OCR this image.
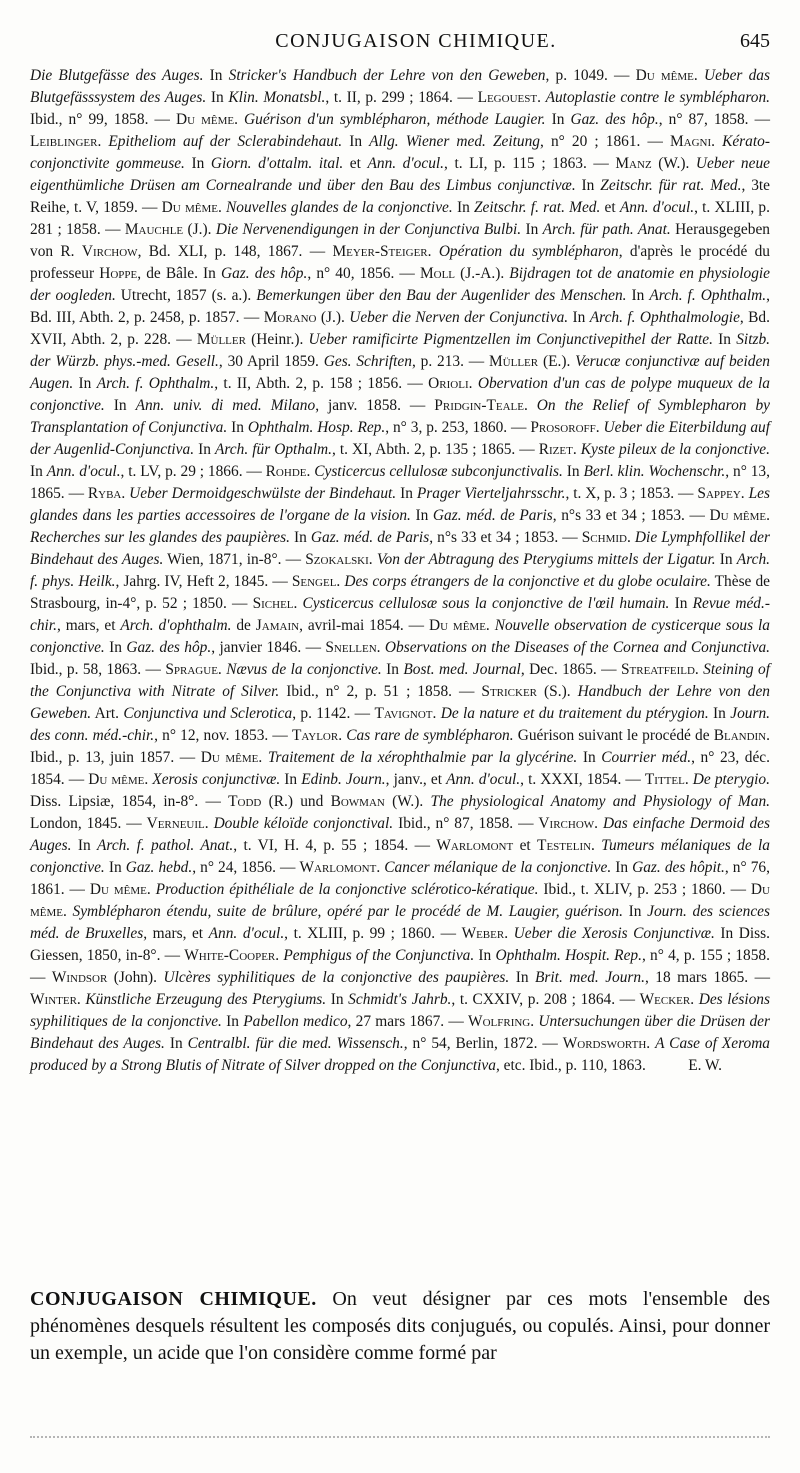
CONJUGAISON CHIMIQUE.	645

Die Blutgefässe des Auges. In Stricker's Handbuch der Lehre von den Geweben, p. 1049. — Du même. Ueber das Blutgefässsystem des Auges. In Klin. Monatsbl., t. II, p. 299 ; 1864. — Legouest. Autoplastie contre le symblépharon. Ibid., n° 99, 1858. — Du même. Guérison d'un symblépharon, méthode Laugier. In Gaz. des hôp., n° 87, 1858. — Leiblinger. Epitheliom auf der Sclerabindehaut. In Allg. Wiener med. Zeitung, n° 20 ; 1861. — Magni. Kérato-conjonctivite gommeuse. In Giorn. d'ottalm. ital. et Ann. d'ocul., t. LI, p. 115 ; 1863. — Manz (W.). Ueber neue eigenthümliche Drüsen am Cornealrande und über den Bau des Limbus conjunctivæ. In Zeitschr. für rat. Med., 3te Reihe, t. V, 1859. — Du même. Nouvelles glandes de la conjonctive. In Zeitschr. f. rat. Med. et Ann. d'ocul., t. XLIII, p. 281 ; 1858. — Mauchle (J.). Die Nervenendigungen in der Conjunctiva Bulbi. In Arch. für path. Anat. Herausgegeben von R. Virchow, Bd. XLI, p. 148, 1867. — Meyer-Steiger. Opération du symblépharon, d'après le procédé du professeur Hoppe, de Bâle. In Gaz. des hôp., n° 40, 1856. — Moll (J.-A.). Bijdragen tot de anatomie en physiologie der oogleden. Utrecht, 1857 (s. a.). Bemerkungen über den Bau der Augenlider des Menschen. In Arch. f. Ophthalm., Bd. III, Abth. 2, p. 2458, p. 1857. — Morano (J.). Ueber die Nerven der Conjunctiva. In Arch. f. Ophthalmologie, Bd. XVII, Abth. 2, p. 228. — Müller (Heinr.). Ueber ramificirte Pigmentzellen im Conjunctivepithel der Ratte. In Sitzb. der Würzb. phys.-med. Gesell., 30 April 1859. Ges. Schriften, p. 213. — Müller (E.). Verucæ conjunctivæ auf beiden Augen. In Arch. f. Ophthalm., t. II, Abth. 2, p. 158 ; 1856. — Orioli. Obervation d'un cas de polype muqueux de la conjonctive. In Ann. univ. di med. Milano, janv. 1858. — Pridgin-Teale. On the Relief of Symblepharon by Transplantation of Conjunctiva. In Ophthalm. Hosp. Rep., n° 3, p. 253, 1860. — Prosoroff. Ueber die Eiterbildung auf der Augenlid-Conjunctiva. In Arch. für Opthalm., t. XI, Abth. 2, p. 135 ; 1865. — Rizet. Kyste pileux de la conjonctive. In Ann. d'ocul., t. LV, p. 29 ; 1866. — Rohde. Cysticercus cellulosæ subconjunctivalis. In Berl. klin. Wochenschr., n° 13, 1865. — Ryba. Ueber Dermoidgeschwülste der Bindehaut. In Prager Vierteljahrsschr., t. X, p. 3 ; 1853. — Sappey. Les glandes dans les parties accessoires de l'organe de la vision. In Gaz. méd. de Paris, n°s 33 et 34 ; 1853. — Du même. Recherches sur les glandes des paupières. In Gaz. méd. de Paris, n°s 33 et 34 ; 1853. — Schmid. Die Lymphfollikel der Bindehaut des Auges. Wien, 1871, in-8°. — Szokalski. Von der Abtragung des Pterygiums mittels der Ligatur. In Arch. f. phys. Heilk., Jahrg. IV, Heft 2, 1845. — Sengel. Des corps étrangers de la conjonctive et du globe oculaire. Thèse de Strasbourg, in-4°, p. 52 ; 1850. — Sichel. Cysticercus cellulosæ sous la conjonctive de l'œil humain. In Revue méd.-chir., mars, et Arch. d'ophthalm. de Jamain, avril-mai 1854. — Du même. Nouvelle observation de cysticerque sous la conjonctive. In Gaz. des hôp., janvier 1846. — Snellen. Observations on the Diseases of the Cornea and Conjunctiva. Ibid., p. 58, 1863. — Sprague. Nævus de la conjonctive. In Bost. med. Journal, Dec. 1865. — Streatfeild. Steining of the Conjunctiva with Nitrate of Silver. Ibid., n° 2, p. 51 ; 1858. — Stricker (S.). Handbuch der Lehre von den Geweben. Art. Conjunctiva und Sclerotica, p. 1142. — Tavignot. De la nature et du traitement du ptérygion. In Journ. des conn. méd.-chir., n° 12, nov. 1853. — Taylor. Cas rare de symblépharon. Guérison suivant le procédé de Blandin. Ibid., p. 13, juin 1857. — Du même. Traitement de la xérophthalmie par la glycérine. In Courrier méd., n° 23, déc. 1854. — Du même. Xerosis conjunctivæ. In Edinb. Journ., janv., et Ann. d'ocul., t. XXXI, 1854. — Tittel. De pterygio. Diss. Lipsiæ, 1854, in-8°. — Todd (R.) und Bowman (W.). The physiological Anatomy and Physiology of Man. London, 1845. — Verneuil. Double kéloïde conjonctival. Ibid., n° 87, 1858. — Virchow. Das einfache Dermoid des Auges. In Arch. f. pathol. Anat., t. VI, H. 4, p. 55 ; 1854. — Warlomont et Testelin. Tumeurs mélaniques de la conjonctive. In Gaz. hebd., n° 24, 1856. — Warlomont. Cancer mélanique de la conjonctive. In Gaz. des hôpit., n° 76, 1861. — Du même. Production épithéliale de la conjonctive sclérotico-kératique. Ibid., t. XLIV, p. 253 ; 1860. — Du même. Symblépharon étendu, suite de brûlure, opéré par le procédé de M. Laugier, guérison. In Journ. des sciences méd. de Bruxelles, mars, et Ann. d'ocul., t. XLIII, p. 99 ; 1860. — Weber. Ueber die Xerosis Conjunctivæ. In Diss. Giessen, 1850, in-8°. — White-Cooper. Pemphigus of the Conjunctiva. In Ophthalm. Hospit. Rep., n° 4, p. 155 ; 1858. — Windsor (John). Ulcères syphilitiques de la conjonctive des paupières. In Brit. med. Journ., 18 mars 1865. — Winter. Künstliche Erzeugung des Pterygiums. In Schmidt's Jahrb., t. CXXIV, p. 208 ; 1864. — Wecker. Des lésions syphilitiques de la conjonctive. In Pabellon medico, 27 mars 1867. — Wolfring. Untersuchungen über die Drüsen der Bindehaut des Auges. In Centralbl. für die med. Wissensch., n° 54, Berlin, 1872. — Wordsworth. A Case of Xeroma produced by a Strong Blutis of Nitrate of Silver dropped on the Conjunctiva, etc. Ibid., p. 110, 1863.	E. W.

CONJUGAISON CHIMIQUE. On veut désigner par ces mots l'ensemble des phénomènes desquels résultent les composés dits conjugués, ou copulés. Ainsi, pour donner un exemple, un acide que l'on considère comme formé par
